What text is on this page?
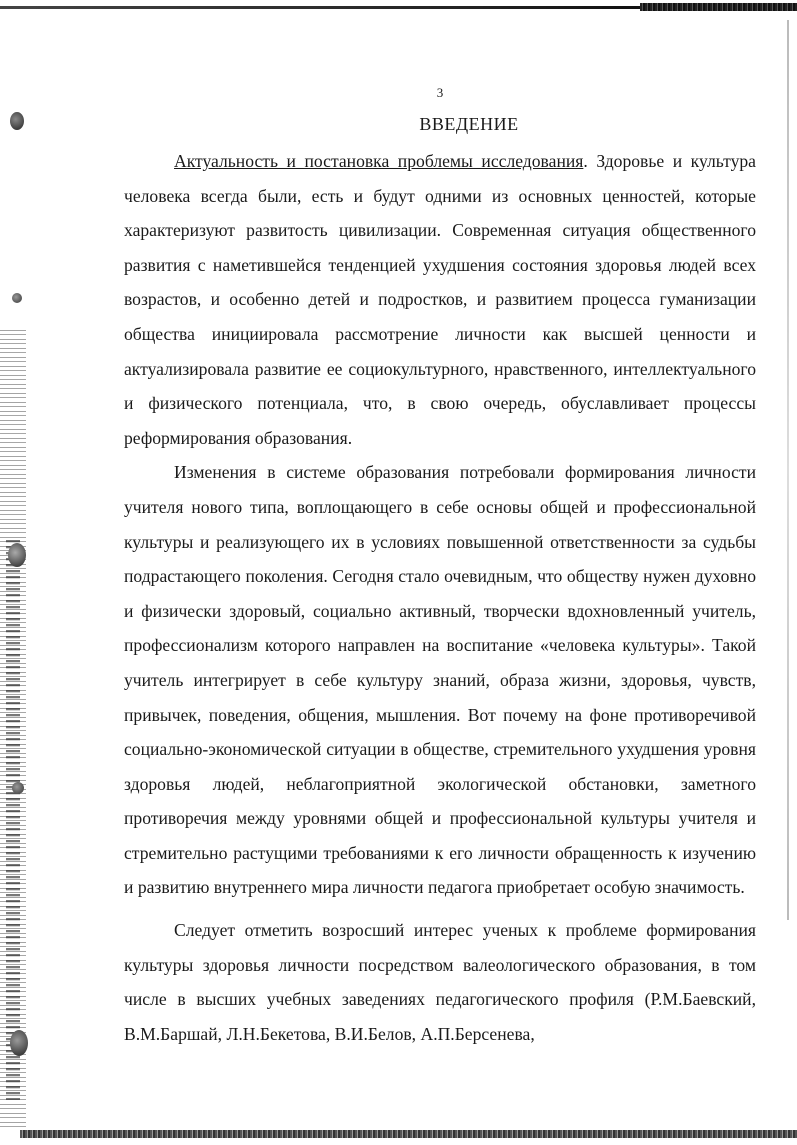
3
ВВЕДЕНИЕ

Актуальность и постановка проблемы исследования. Здоровье и культура человека всегда были, есть и будут одними из основных ценностей, которые характеризуют развитость цивилизации. Современная ситуация общественного развития с наметившейся тенденцией ухудшения состояния здоровья людей всех возрастов, и особенно детей и подростков, и развитием процесса гуманизации общества инициировала рассмотрение личности как высшей ценности и актуализировала развитие ее социокультурного, нравственного, интеллектуального и физического потенциала, что, в свою очередь, обуславливает процессы реформирования образования.

Изменения в системе образования потребовали формирования личности учителя нового типа, воплощающего в себе основы общей и профессиональной культуры и реализующего их в условиях повышенной ответственности за судьбы подрастающего поколения. Сегодня стало очевидным, что обществу нужен духовно и физически здоровый, социально активный, творчески вдохновленный учитель, профессионализм которого направлен на воспитание «человека культуры». Такой учитель интегрирует в себе культуру знаний, образа жизни, здоровья, чувств, привычек, поведения, общения, мышления. Вот почему на фоне противоречивой социально-экономической ситуации в обществе, стремительного ухудшения уровня здоровья людей, неблагоприятной экологической обстановки, заметного противоречия между уровнями общей и профессиональной культуры учителя и стремительно растущими требованиями к его личности обращенность к изучению и развитию внутреннего мира личности педагога приобретает особую значимость.

Следует отметить возросший интерес ученых к проблеме формирования культуры здоровья личности посредством валеологического образования, в том числе в высших учебных заведениях педагогического профиля (Р.М.Баевский, В.М.Баршай, Л.Н.Бекетова, В.И.Белов, А.П.Берсенева,
